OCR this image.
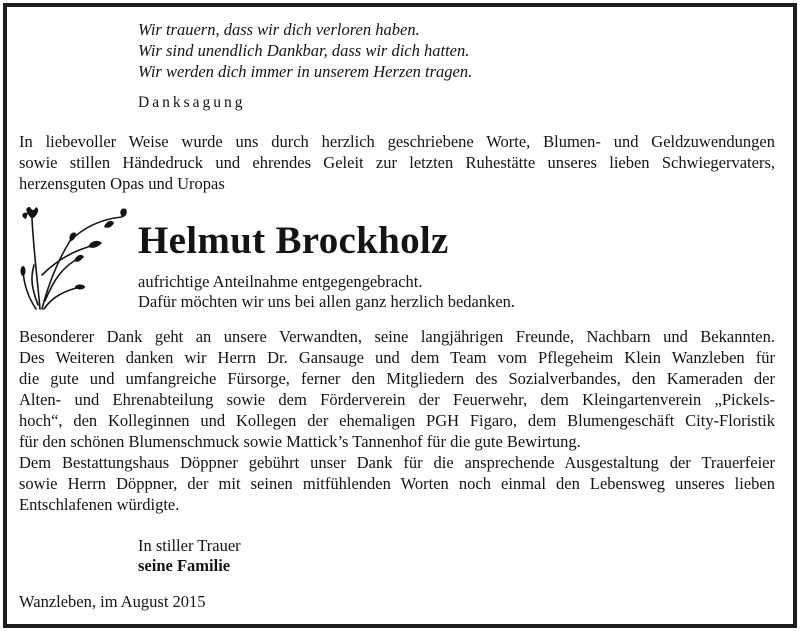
Wir trauern, dass wir dich verloren haben.
Wir sind unendlich Dankbar, dass wir dich hatten.
Wir werden dich immer in unserem Herzen tragen.
Danksagung
In liebevoller Weise wurde uns durch herzlich geschriebene Worte, Blumen- und Geldzuwendungen
sowie stillen Händedruck und ehrendes Geleit zur letzten Ruhestätte unseres lieben Schwiegervaters,
herzensguten Opas und Uropas
Helmut Brockholz
aufrichtige Anteilnahme entgegengebracht.
Dafür möchten wir uns bei allen ganz herzlich bedanken.
Besonderer Dank geht an unsere Verwandten, seine langjährigen Freunde, Nachbarn und Bekannten.
Des Weiteren danken wir Herrn Dr. Gansauge und dem Team vom Pflegeheim Klein Wanzleben für
die gute und umfangreiche Fürsorge, ferner den Mitgliedern des Sozialverbandes, den Kameraden der
Alten- und Ehrenabteilung sowie dem Förderverein der Feuerwehr, dem Kleingartenverein „Pickels-
hoch“, den Kolleginnen und Kollegen der ehemaligen PGH Figaro, dem Blumengeschäft City-Floristik
für den schönen Blumenschmuck sowie Mattick’s Tannenhof für die gute Bewirtung.
Dem Bestattungshaus Döppner gebührt unser Dank für die ansprechende Ausgestaltung der Trauerfeier
sowie Herrn Döppner, der mit seinen mitfühlenden Worten noch einmal den Lebensweg unseres lieben
Entschlafenen würdigte.
In stiller Trauer
seine Familie
Wanzleben, im August 2015
